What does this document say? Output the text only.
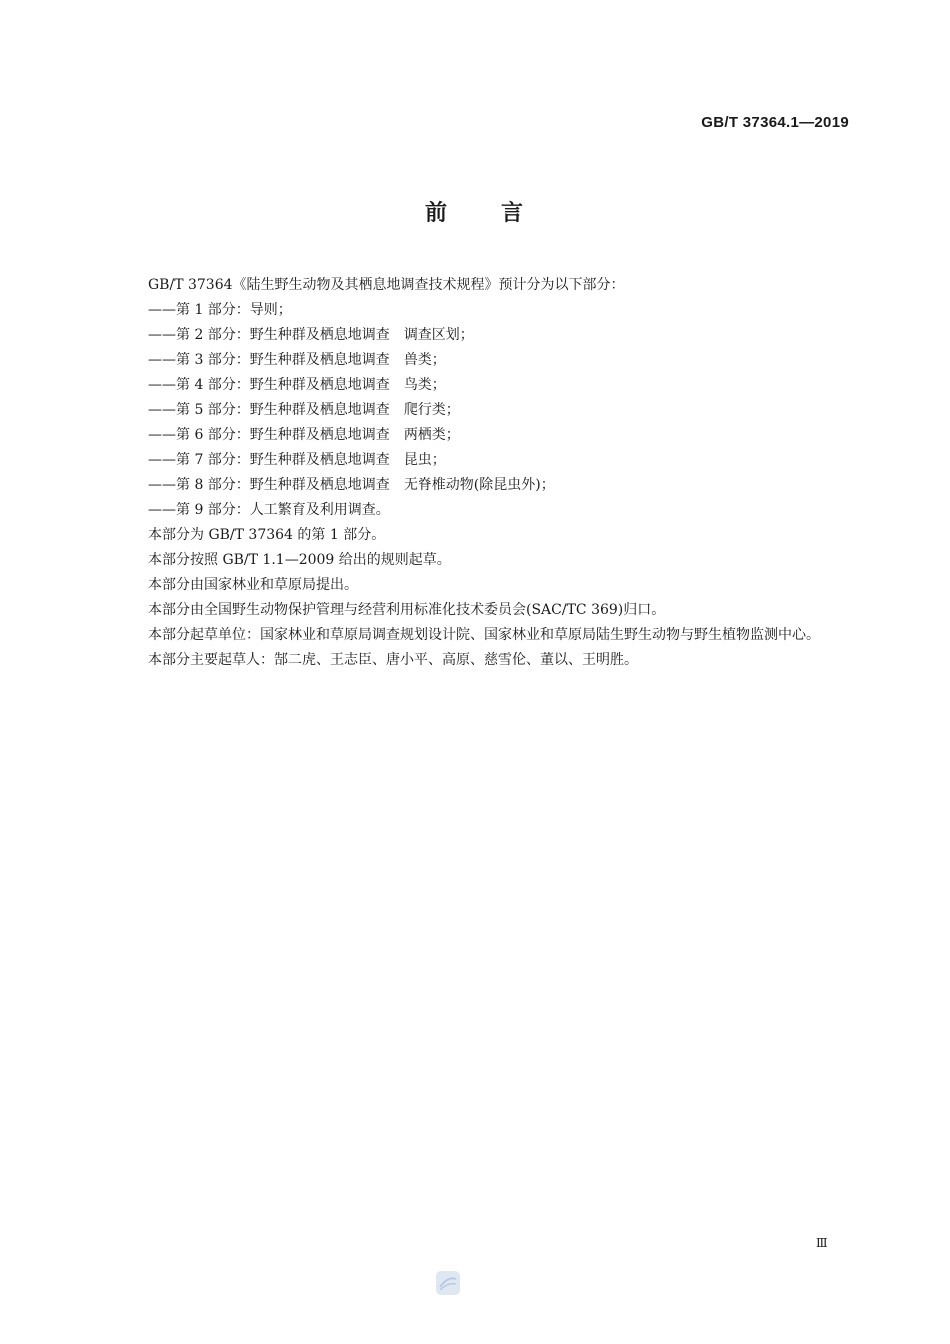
GB/T 37364.1—2019
前 言

GB/T 37364《陆生野生动物及其栖息地调查技术规程》预计分为以下部分：

——第 1 部分：导则；

——第 2 部分：野生种群及栖息地调查 调查区划；

——第 3 部分：野生种群及栖息地调查 兽类；

——第 4 部分：野生种群及栖息地调查 鸟类；

——第 5 部分：野生种群及栖息地调查 爬行类；

——第 6 部分：野生种群及栖息地调查 两栖类；

——第 7 部分：野生种群及栖息地调查 昆虫；

——第 8 部分：野生种群及栖息地调查 无脊椎动物(除昆虫外)；

——第 9 部分：人工繁育及利用调查。

本部分为 GB/T 37364 的第 1 部分。

本部分按照 GB/T 1.1—2009 给出的规则起草。

本部分由国家林业和草原局提出。

本部分由全国野生动物保护管理与经营利用标准化技术委员会(SAC/TC 369)归口。

本部分起草单位：国家林业和草原局调查规划设计院、国家林业和草原局陆生野生动物与野生植物监测中心。

本部分主要起草人：郜二虎、王志臣、唐小平、高原、慈雪伦、董以、王明胜。

Ⅲ
